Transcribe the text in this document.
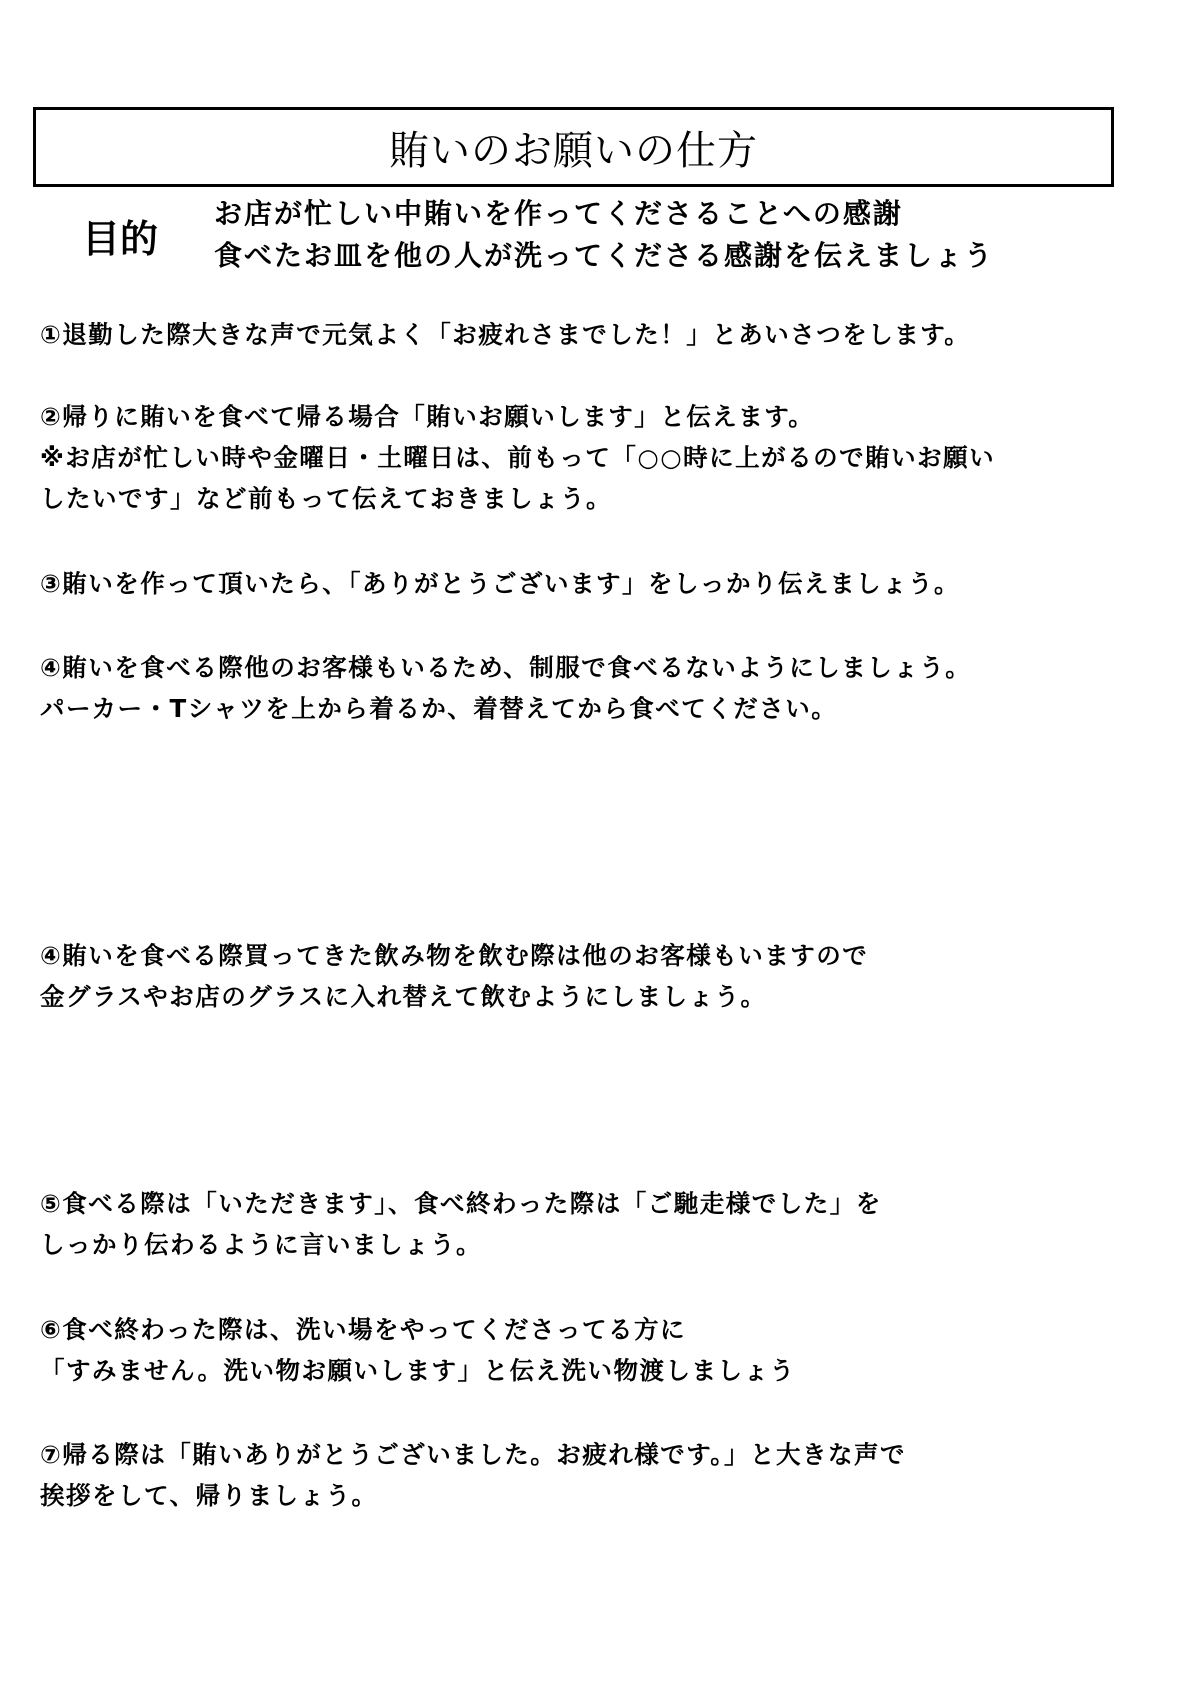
賄いのお願いの仕方
目的
お店が忙しい中賄いを作ってくださることへの感謝
食べたお皿を他の人が洗ってくださる感謝を伝えましょう
①退勤した際大きな声で元気よく「お疲れさまでした！」とあいさつをします。
②帰りに賄いを食べて帰る場合「賄いお願いします」と伝えます。
※お店が忙しい時や金曜日・土曜日は、前もって「○○時に上がるので賄いお願い
したいです」など前もって伝えておきましょう。
③賄いを作って頂いたら、「ありがとうございます」をしっかり伝えましょう。
④賄いを食べる際他のお客様もいるため、制服で食べるないようにしましょう。
パーカー・Tシャツを上から着るか、着替えてから食べてください。
④賄いを食べる際買ってきた飲み物を飲む際は他のお客様もいますので
金グラスやお店のグラスに入れ替えて飲むようにしましょう。
⑤食べる際は「いただきます」、食べ終わった際は「ご馳走様でした」を
しっかり伝わるように言いましょう。
⑥食べ終わった際は、洗い場をやってくださってる方に
「すみません。洗い物お願いします」と伝え洗い物渡しましょう
⑦帰る際は「賄いありがとうございました。お疲れ様です。」と大きな声で
挨拶をして、帰りましょう。
